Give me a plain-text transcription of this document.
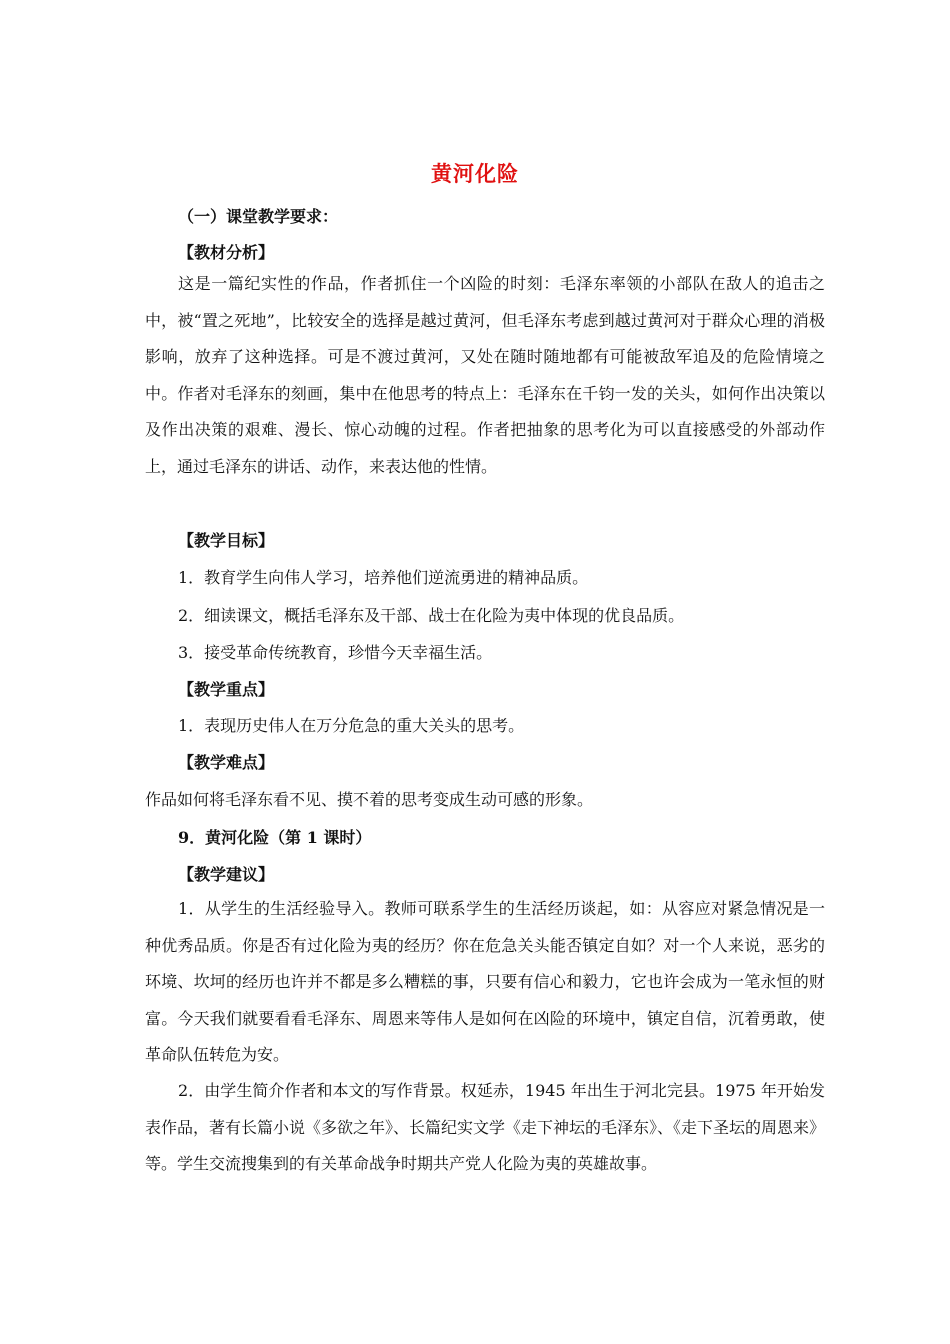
黄河化险
（一）课堂教学要求：
【教材分析】
这是一篇纪实性的作品，作者抓住一个凶险的时刻：毛泽东率领的小部队在敌人的追击之中，被“置之死地”，比较安全的选择是越过黄河，但毛泽东考虑到越过黄河对于群众心理的消极影响，放弃了这种选择。可是不渡过黄河，又处在随时随地都有可能被敌军追及的危险情境之中。作者对毛泽东的刻画，集中在他思考的特点上：毛泽东在千钧一发的关头，如何作出决策以及作出决策的艰难、漫长、惊心动魄的过程。作者把抽象的思考化为可以直接感受的外部动作上，通过毛泽东的讲话、动作，来表达他的性情。
【教学目标】
1．教育学生向伟人学习，培养他们逆流勇进的精神品质。
2．细读课文，概括毛泽东及干部、战士在化险为夷中体现的优良品质。
3．接受革命传统教育，珍惜今天幸福生活。
【教学重点】
1．表现历史伟人在万分危急的重大关头的思考。
【教学难点】
作品如何将毛泽东看不见、摸不着的思考变成生动可感的形象。
9．黄河化险（第 1 课时）
【教学建议】
1．从学生的生活经验导入。教师可联系学生的生活经历谈起，如：从容应对紧急情况是一种优秀品质。你是否有过化险为夷的经历？你在危急关头能否镇定自如？对一个人来说，恶劣的环境、坎坷的经历也许并不都是多么糟糕的事，只要有信心和毅力，它也许会成为一笔永恒的财富。今天我们就要看看毛泽东、周恩来等伟人是如何在凶险的环境中，镇定自信，沉着勇敢，使革命队伍转危为安。
2．由学生简介作者和本文的写作背景。权延赤，1945 年出生于河北完县。1975 年开始发表作品，著有长篇小说《多欲之年》、长篇纪实文学《走下神坛的毛泽东》、《走下圣坛的周恩来》等。学生交流搜集到的有关革命战争时期共产党人化险为夷的英雄故事。
